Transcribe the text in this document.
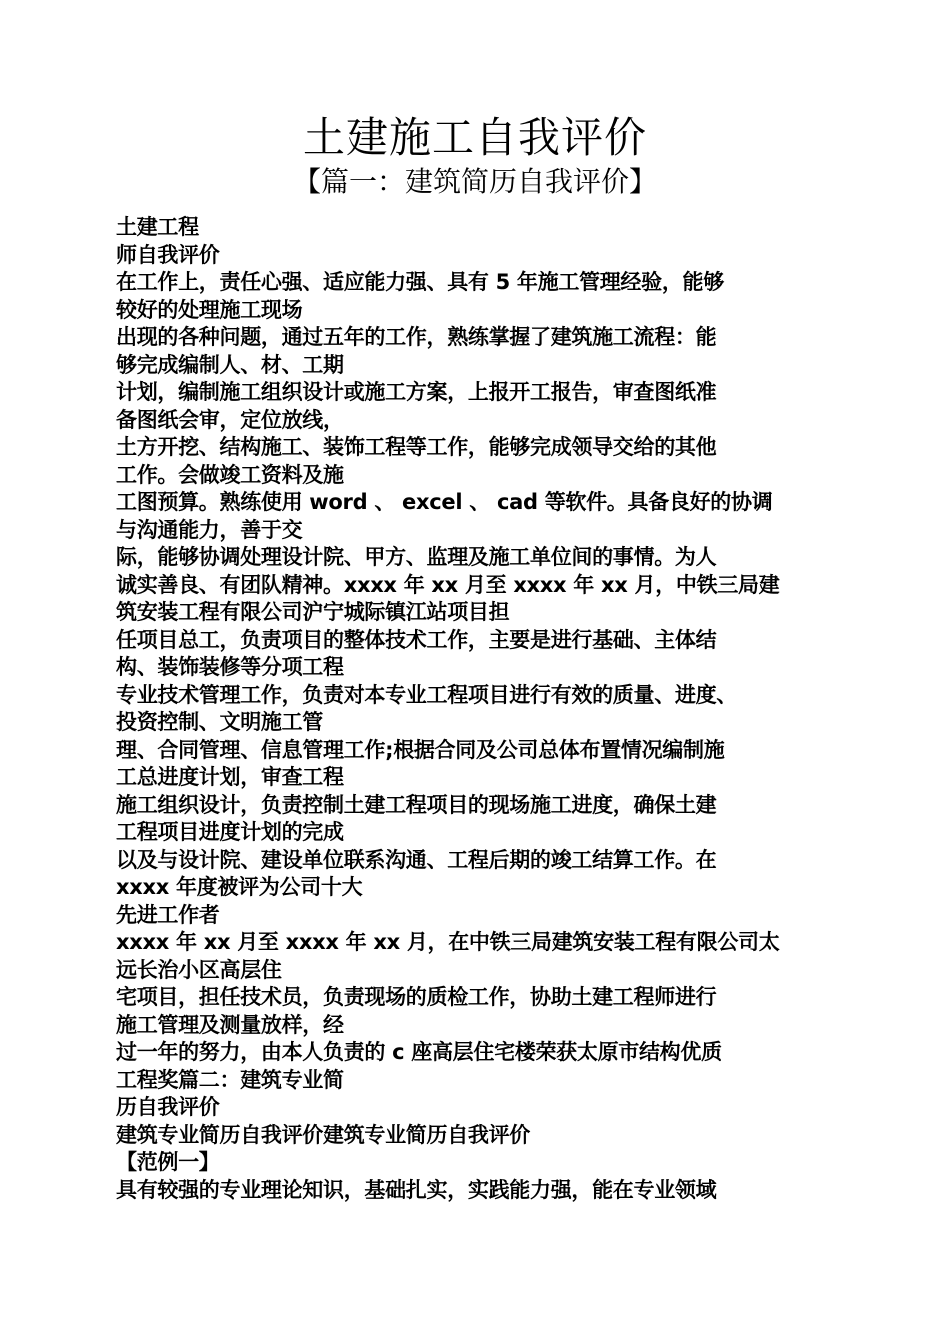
土建施工自我评价
【篇一：建筑简历自我评价】
土建工程
师自我评价
在工作上，责任心强、适应能力强、具有 5 年施工管理经验，能够
较好的处理施工现场
出现的各种问题，通过五年的工作，熟练掌握了建筑施工流程：能
够完成编制人、材、工期
计划，编制施工组织设计或施工方案，上报开工报告，审查图纸准
备图纸会审，定位放线，
土方开挖、结构施工、装饰工程等工作，能够完成领导交给的其他
工作。会做竣工资料及施
工图预算。熟练使用 word 、 excel 、 cad 等软件。具备良好的协调
与沟通能力，善于交
际，能够协调处理设计院、甲方、监理及施工单位间的事情。为人
诚实善良、有团队精神。xxxx 年 xx 月至 xxxx 年 xx 月，中铁三局建
筑安装工程有限公司沪宁城际镇江站项目担
任项目总工，负责项目的整体技术工作，主要是进行基础、主体结
构、装饰装修等分项工程
专业技术管理工作，负责对本专业工程项目进行有效的质量、进度、
投资控制、文明施工管
理、合同管理、信息管理工作;根据合同及公司总体布置情况编制施
工总进度计划，审查工程
施工组织设计，负责控制土建工程项目的现场施工进度，确保土建
工程项目进度计划的完成
以及与设计院、建设单位联系沟通、工程后期的竣工结算工作。在
xxxx 年度被评为公司十大
先进工作者
xxxx 年 xx 月至 xxxx 年 xx 月，在中铁三局建筑安装工程有限公司太
远长治小区高层住
宅项目，担任技术员，负责现场的质检工作，协助土建工程师进行
施工管理及测量放样，经
过一年的努力，由本人负责的 c 座高层住宅楼荣获太原市结构优质
工程奖篇二：建筑专业简
历自我评价
建筑专业简历自我评价建筑专业简历自我评价
【范例一】
具有较强的专业理论知识，基础扎实，实践能力强，能在专业领域
